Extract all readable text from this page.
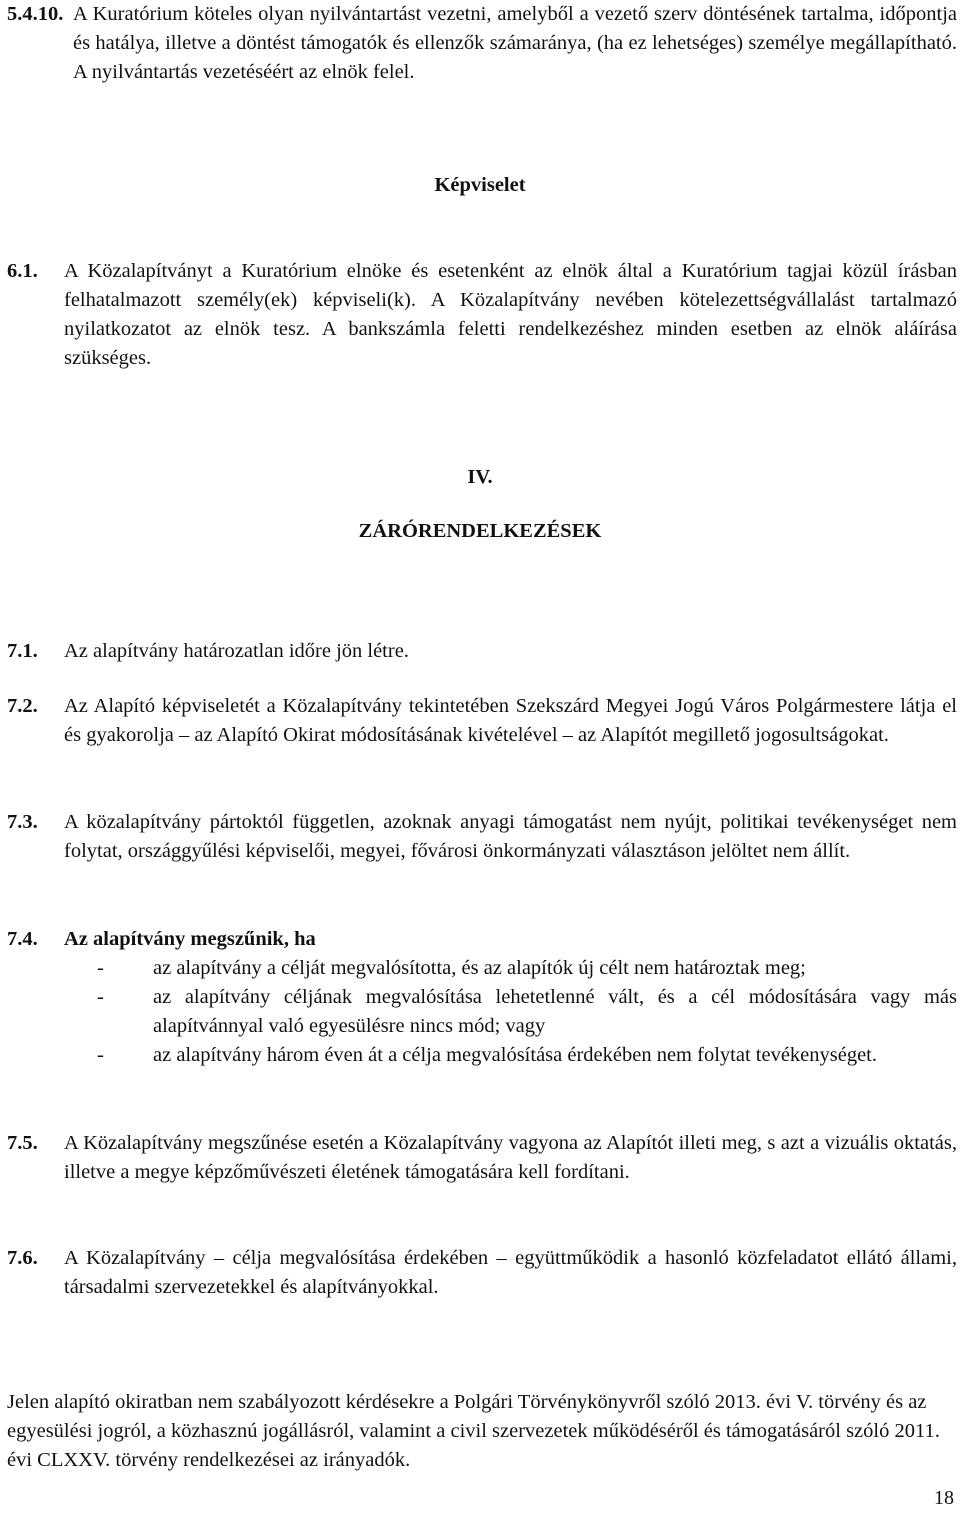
5.4.10. A Kuratórium köteles olyan nyilvántartást vezetni, amelyből a vezető szerv döntésének tartalma, időpontja és hatálya, illetve a döntést támogatók és ellenzők számaránya, (ha ez lehetséges) személye megállapítható. A nyilvántartás vezetéséért az elnök felel.
Képviselet
6.1. A Közalapítványt a Kuratórium elnöke és esetenként az elnök által a Kuratórium tagjai közül írásban felhatalmazott személy(ek) képviseli(k). A Közalapítvány nevében kötelezettségvállalást tartalmazó nyilatkozatot az elnök tesz. A bankszámla feletti rendelkezéshez minden esetben az elnök aláírása szükséges.
IV.
ZÁRÓRENDELKEZÉSEK
7.1. Az alapítvány határozatlan időre jön létre.
7.2. Az Alapító képviseletét a Közalapítvány tekintetében Szekszárd Megyei Jogú Város Polgármestere látja el és gyakorolja – az Alapító Okirat módosításának kivételével – az Alapítót megillető jogosultságokat.
7.3. A közalapítvány pártoktól független, azoknak anyagi támogatást nem nyújt, politikai tevékenységet nem folytat, országgyűlési képviselői, megyei, fővárosi önkormányzati választáson jelöltet nem állít.
7.4. Az alapítvány megszűnik, ha
- az alapítvány a célját megvalósította, és az alapítók új célt nem határoztak meg;
- az alapítvány céljának megvalósítása lehetetlenné vált, és a cél módosítására vagy más alapítvánnyal való egyesülésre nincs mód; vagy
- az alapítvány három éven át a célja megvalósítása érdekében nem folytat tevékenységet.
7.5. A Közalapítvány megszűnése esetén a Közalapítvány vagyona az Alapítót illeti meg, s azt a vizuális oktatás, illetve a megye képzőművészeti életének támogatására kell fordítani.
7.6. A Közalapítvány – célja megvalósítása érdekében – együttműködik a hasonló közfeladatot ellátó állami, társadalmi szervezetekkel és alapítványokkal.
Jelen alapító okiratban nem szabályozott kérdésekre a Polgári Törvénykönyvről szóló 2013. évi V. törvény és az egyesülési jogról, a közhasznú jogállásról, valamint a civil szervezetek működéséről és támogatásáról szóló 2011. évi CLXXV. törvény rendelkezései az irányadók.
18
